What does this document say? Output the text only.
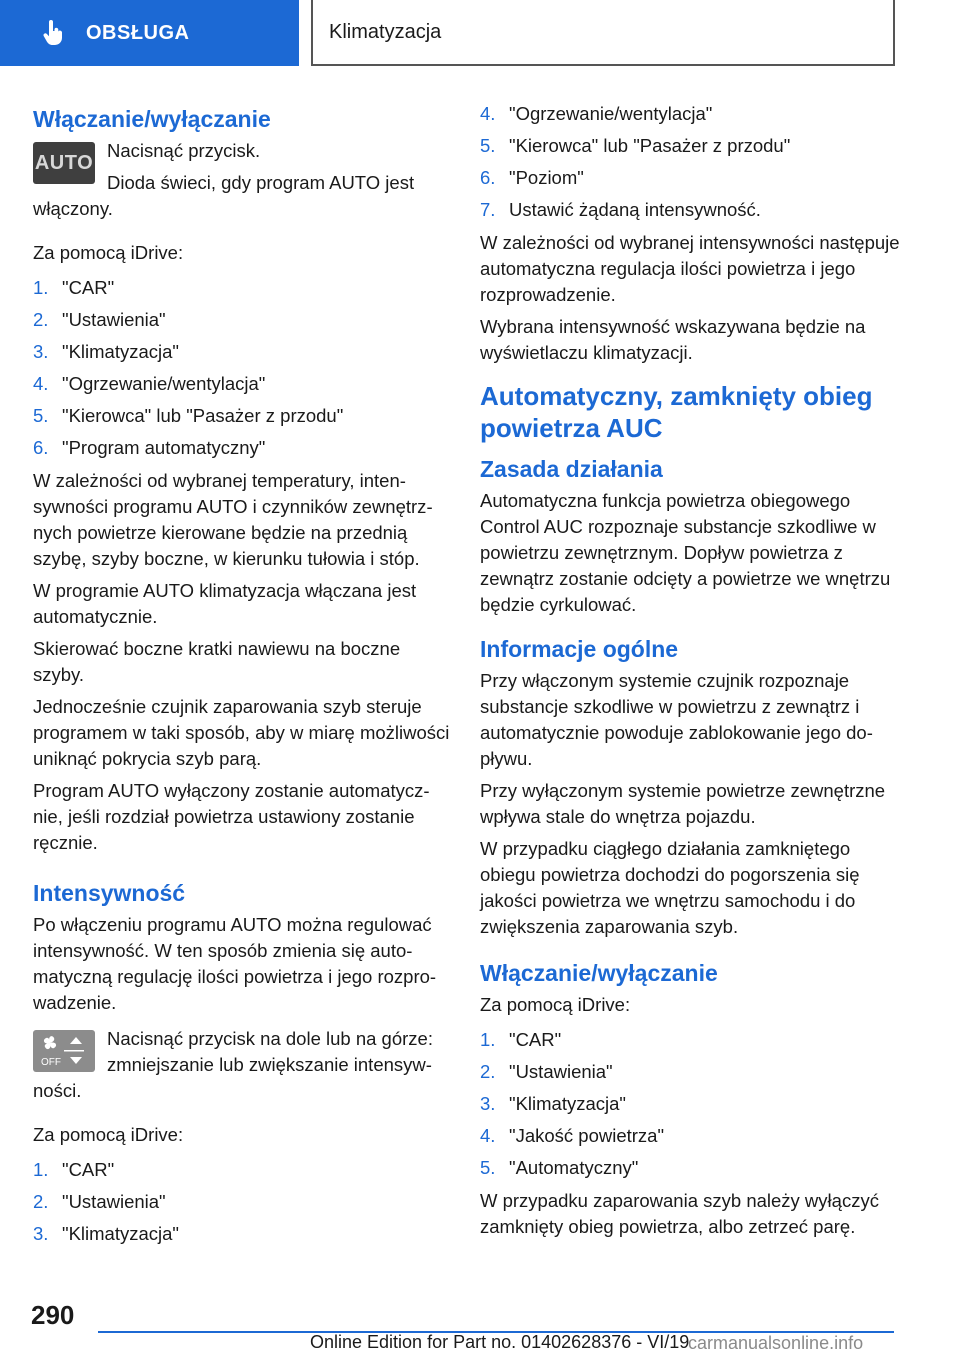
OBSŁUGA	Klimatyzacja
Włączanie/wyłączanie
AUTO
Nacisnąć przycisk.
Dioda świeci, gdy program AUTO jest włączony.
Za pomocą iDrive:
1. "CAR"
2. "Ustawienia"
3. "Klimatyzacja"
4. "Ogrzewanie/wentylacja"
5. "Kierowca" lub "Pasażer z przodu"
6. "Program automatyczny"
W zależności od wybranej temperatury, intensywności programu AUTO i czynników zewnętrznych powietrze kierowane będzie na przednią szybę, szyby boczne, w kierunku tułowia i stóp.
W programie AUTO klimatyzacja włączana jest automatycznie.
Skierować boczne kratki nawiewu na boczne szyby.
Jednocześnie czujnik zaparowania szyb steruje programem w taki sposób, aby w miarę możliwości uniknąć pokrycia szyb parą.
Program AUTO wyłączony zostanie automatycznie, jeśli rozdział powietrza ustawiony zostanie ręcznie.
Intensywność
Po włączeniu programu AUTO można regulować intensywność. W ten sposób zmienia się automatyczną regulację ilości powietrza i jego rozprowadzenie.
OFF
Nacisnąć przycisk na dole lub na górze: zmniejszanie lub zwiększanie intensywności.
Za pomocą iDrive:
1. "CAR"
2. "Ustawienia"
3. "Klimatyzacja"
4. "Ogrzewanie/wentylacja"
5. "Kierowca" lub "Pasażer z przodu"
6. "Poziom"
7. Ustawić żądaną intensywność.
W zależności od wybranej intensywności następuje automatyczna regulacja ilości powietrza i jego rozprowadzenie.
Wybrana intensywność wskazywana będzie na wyświetlaczu klimatyzacji.
Automatyczny, zamknięty obieg powietrza AUC
Zasada działania
Automatyczna funkcja powietrza obiegowego Control AUC rozpoznaje substancje szkodliwe w powietrzu zewnętrznym. Dopływ powietrza z zewnątrz zostanie odcięty a powietrze we wnętrzu będzie cyrkulować.
Informacje ogólne
Przy włączonym systemie czujnik rozpoznaje substancje szkodliwe w powietrzu z zewnątrz i automatycznie powoduje zablokowanie jego dopływu.
Przy wyłączonym systemie powietrze zewnętrzne wpływa stale do wnętrza pojazdu.
W przypadku ciągłego działania zamkniętego obiegu powietrza dochodzi do pogorszenia się jakości powietrza we wnętrzu samochodu i do zwiększenia zaparowania szyb.
Włączanie/wyłączanie
Za pomocą iDrive:
1. "CAR"
2. "Ustawienia"
3. "Klimatyzacja"
4. "Jakość powietrza"
5. "Automatyczny"
W przypadku zaparowania szyb należy wyłączyć zamknięty obieg powietrza, albo zetrzeć parę.
290
Online Edition for Part no. 01402628376 - VI/19
carmanualsonline.info
